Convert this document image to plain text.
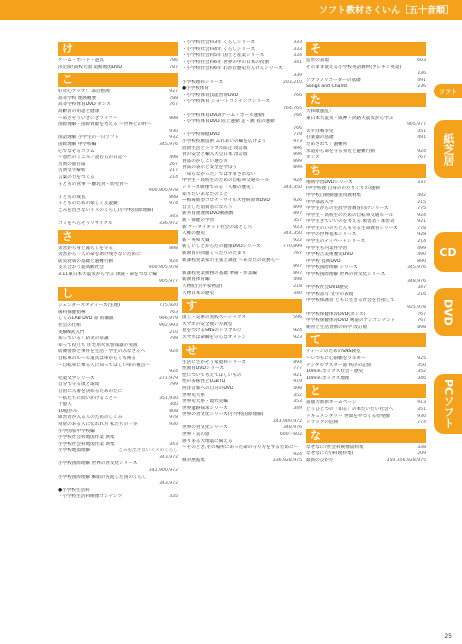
ソフト教材さくいん［五十音順］
け
ゲーム・ボード・遊具	786
決定版!南校大図 道館地図DVD	787
こ
好奇心アップ！ 部首整理	927
高等学校 地域概要	788
高等学校体育DVD ダンス	767
高齢者の用語と健康
～めざそういきいきライフ～	898
国際理解・国際貢献を考える ～世界との絆～
930
国語理解 小学生の一日ソフト	932
国際理解 中学校編	345,976
心でなぞるコラム
～意匠のミニル／読む五の日記～	498
古典の面目篇	267
古典文字解析	217
言葉の力をつくる	214
子どもの食事 ～離乳食・幼児食～
900,905,978
子どもの成長	898
子どものための楽しく正遊戯	974
ごみを出さないイメのくらし(小学校国際理解)
343
ゴミをへらそうリサイクル	336,972
さ
災害から身と暮らしを守る	898
災害から一人の命を助け残さないために
防災対策の基礎と避難行動	924
支え合おう超高齢社会	900,905,978
3.11東日本大震災から学ぶ 津波・命をつなぐ輪
905,977
し
ジェンダースタディーズ(生理)	775,920
歯科保健指導	763
しくみLAB DVD 算 的価値	996,979
社会の仕組	992,993
実験N武入門	210
知っている！防炎の常識	798
知って役立ち 住宅用火災警報器の実演
防衛警察と事件を生活・学生のみなさんへ	924
自転車のルール道具は車からくも関る
～自転車に乗る人に知ってほしい車の視点～
924
児童文学シリーズ	271,979
自分で守る僕と環境	799
自由に入番を決めるためのたに
～私たちに問いかけること～	351,930
十億人	300
10億匹ル	808
障害者が入る人のためのしくみ	978
常倉のある人に伝われ方 私たちの一歩	930
小学国家中学校編
小学校社会科地図作業 典集
小学校社会科地図作業 典集	343
小学校地図理解	ごみを出さないイメのくらし
343,972
小学校国際理解 世界の食文化シリーズ
342,900,972
小学校国際理解 郵船の先進した国のくらし
343,972
●小学校生活科
・小学校生活科映像コンテンツ	335
・小学校社会科3年 くらしシリーズ	333
・小学校社会科4年 くらしシリーズ	333
・小学校社会科5年 国土と産業シリーズ	334
・小学校社会科6年 世界の中の日本の役割	341
・小学校社会科6年 わかむ歴史たんけんシリーズ
339
小学校理科シリーズ	203,210
●小学校体育
・小学校体育技能習得DVD	766
・小学校体育 ショートコンテンツシリーズ
764,765
・小学校体育DVD(ゲーム・ボール運動)	766
・小学校体育DVD 陸上運動 走・跳 投の運動
766
・小学校保健DVD	778
小学校校旗技術 ふれあいの輪を広げよう	973
消費生活とトラブル防止 改訂版	896
食の安全と輸入大豆日本 改訂版	896
食品のかしこい選び方	899
食品の表示と安全を学ぼう	899
「知らなかった」ではすまされない
中学生・高校生のための自転車交通ルール	924
シリーズ映像でみる「人権の歴史」	344,350
知りたいあなたのこと
—梅毒新型コロナ・ウイルス性病原体DVD	926
自立した消費者になろう	899
新共育連連携DVD動画数	897
新・保健の学習	357
新 ケータイネット社会の落とし穴	923
人権の歴史	344,350
新・英和大蔵	922
新しいしとからだの健康DVDシリーズ	770,899
新教育の問題くったりのたまり	767
新課程実業家の主張と調査 ～あなたの責務ら～
897
新課程実業務務の基礎 準備・作業編	897
新教育体育編	498
人物紀行(平家物語)	218
人物日本の歴史	340
す
図工・美術の実践ペーシックス	596
スマホの安全使い方教室
見をつけるSNSのトラブルに	924
スマホは命綱を守らなオメトン	923
せ
生活に生かそう家庭科シリーズ	894
性教育DVDシリーズ	777
性について考えてほしいもの	921
性の多様性とLGBTQ	919
西洋音楽への自分のDVD	498
世界史大系	352
世界史大系・現代史編	353
世界遺跡探求シリーズ	349
世界の食文化シリーズ(小学校国際理解)
343,900,972
世界の食文化シリーズ	348,976
世界・美の旅	600～602
感り来る大地震に備える
～そのとき,その場所にあった命の守り方をするために～
924
戦争展覧集	336,928,975
そ
造形の表現	603
そのまま使える小学校英語教材(ブレキン英語)
236
ソプラノリコーダーの基礎	491
Songs and Chants	236
た
大和歌風乱！
東日本大震災・阪神・淡路大震災から学ぶ
905,977
太平洋戦争史	351
打楽器の基礎	491
ためされて！避難所
水道から命を守る身近と避難行動	924
ダンス	767
ち
地域学習DVDシリーズ	337
(中学校理 自身ののたりくりの)運動
中学校自動動運実用教材集	492
中学部落入学	215
中学生からの生涯学習教育向けシリーズ	775
中学生・高校生のための自転車交通ルール	924
中学生きていいのを考える 被害者・加害者	921
中学生のいのちとんも守る生命教育シリーズ	778
中学の世界基本シリーズ	928
中学生のディベートシリーズ	214
中学生も内業件学習	499
中学校吉美術歴史DVD	490
中学校 技術DVD	890
中学校国際理解 シリーズ	345,976
中学校国際理解 世界の食文化シリーズ
348,976
中学校社会DVD歴史	347
中学校書写 文字の表現	216
中学校保護者 ともに生きる社会を目指して
925,978
中学校保健体育DVD(ダンス)	767
中学校保健体育DVD 剣道のアンコンテント	767
朝食と生活習慣の科学 改訂版	898
て
ティーンのためのSNS教室
～いつもに心掛頼をラルモ～	925
デジタルマスター部 秩序の記紹	350
10min.ボックス社会・歴史	352
10min.ボックス地理	346
と
道徳力新新ホームページ	913
どうひとつの「知る」の本たいたい社会へ	351
ドキュメンタリー 世間をやつくる侍発酵	930
ドラッグの危険	774
な
なぜなに?社会科映像資料集	338
なぜなに?古車(理科集)	209
最新のひかた	350,356,928,975
ソフト
紙芝居
CD
DVD
PCソフト
25
